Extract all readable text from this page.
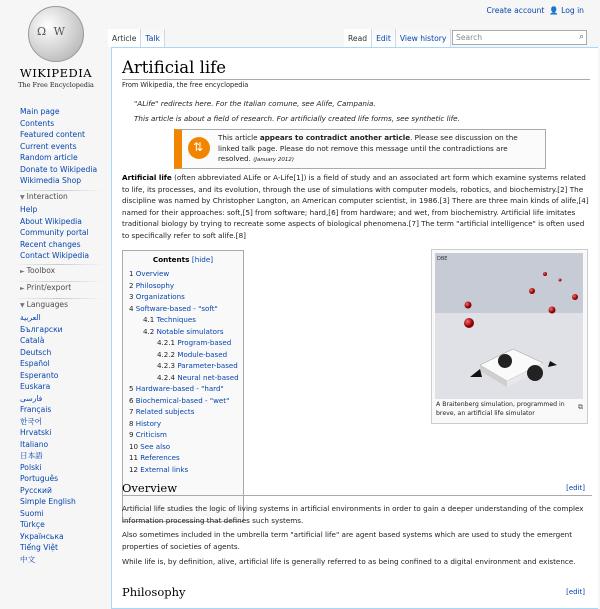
Ω W
WIKIPEDIA
The Free Encyclopedia
Main page
Contents
Featured content
Current events
Random article
Donate to Wikipedia
Wikimedia Shop
▼ Interaction
Help
About Wikipedia
Community portal
Recent changes
Contact Wikipedia
► Toolbox
► Print/export
▼ Languages
العربية
Български
Català
Deutsch
Español
Esperanto
Euskara
فارسی
Français
한국어
Hrvatski
Italiano
日本語
Polski
Português
Русский
Simple English
Suomi
Türkçe
Українська
Tiếng Việt
中文
Create account 👤 Log in
Article	Talk	Read	Edit	View history	Search	⌕
Artificial life
From Wikipedia, the free encyclopedia
"ALife" redirects here. For the Italian comune, see Alife, Campania.
This article is about a field of research. For artificially created life forms, see synthetic life.
⇅
This article appears to contradict another article. Please see discussion on the linked talk page. Please do not remove this message until the contradictions are resolved. (January 2012)
Artificial life (often abbreviated ALife or A-Life[1]) is a field of study and an associated art form which examine systems related to life, its processes, and its evolution, through the use of simulations with computer models, robotics, and biochemistry.[2] The discipline was named by Christopher Langton, an American computer scientist, in 1986.[3] There are three main kinds of alife,[4] named for their approaches: soft,[5] from software; hard,[6] from hardware; and wet, from biochemistry. Artificial life imitates traditional biology by trying to recreate some aspects of biological phenomena.[7] The term "artificial intelligence" is often used to specifically refer to soft alife.[8]
Contents [hide]
1 Overview
2 Philosophy
3 Organizations
4 Software-based - "soft"
4.1 Techniques
4.2 Notable simulators
4.2.1 Program-based
4.2.2 Module-based
4.2.3 Parameter-based
4.2.4 Neural net-based
5 Hardware-based - "hard"
6 Biochemical-based - "wet"
7 Related subjects
8 History
9 Criticism
10 See also
11 References
12 External links
DBE
A Braitenberg simulation, programmed in breve, an artificial life simulator
⧉
Overview	[edit]
Artificial life studies the logic of living systems in artificial environments in order to gain a deeper understanding of the complex information processing that defines such systems.
Also sometimes included in the umbrella term "artificial life" are agent based systems which are used to study the emergent properties of societies of agents.
While life is, by definition, alive, artificial life is generally referred to as being confined to a digital environment and existence.
Philosophy	[edit]
